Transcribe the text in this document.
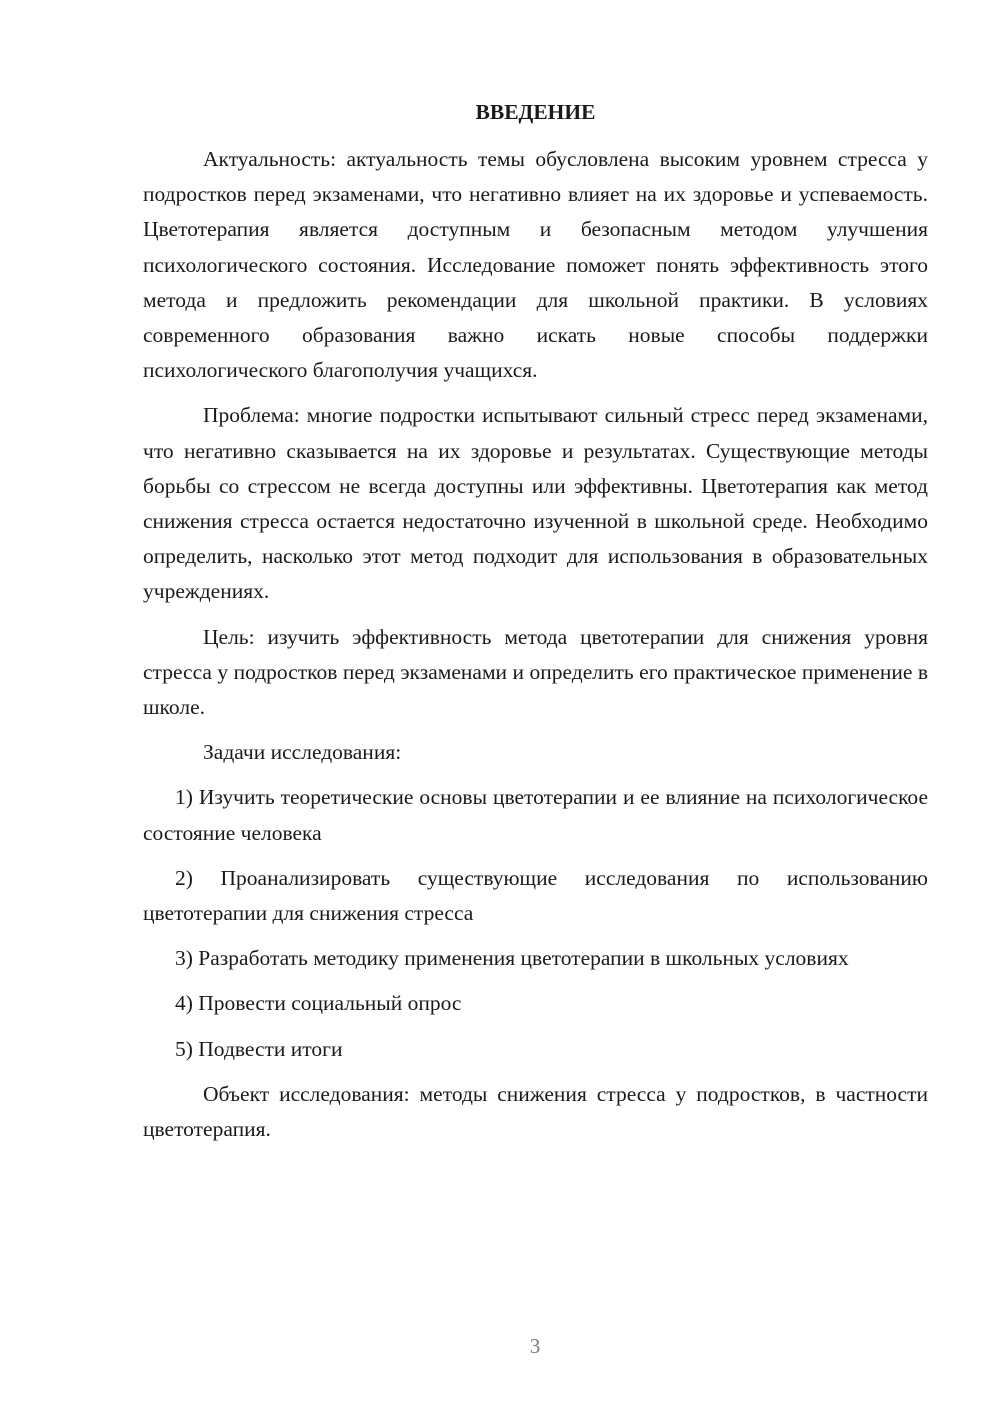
ВВЕДЕНИЕ

Актуальность: актуальность темы обусловлена высоким уровнем стресса у подростков перед экзаменами, что негативно влияет на их здоровье и успеваемость. Цветотерапия является доступным и безопасным методом улучшения психологического состояния. Исследование поможет понять эффективность этого метода и предложить рекомендации для школьной практики. В условиях современного образования важно искать новые способы поддержки психологического благополучия учащихся.

Проблема: многие подростки испытывают сильный стресс перед экзаменами, что негативно сказывается на их здоровье и результатах. Существующие методы борьбы со стрессом не всегда доступны или эффективны. Цветотерапия как метод снижения стресса остается недостаточно изученной в школьной среде. Необходимо определить, насколько этот метод подходит для использования в образовательных учреждениях.

Цель: изучить эффективность метода цветотерапии для снижения уровня стресса у подростков перед экзаменами и определить его практическое применение в школе.

Задачи исследования:

1) Изучить теоретические основы цветотерапии и ее влияние на психологическое состояние человека

2) Проанализировать существующие исследования по использованию цветотерапии для снижения стресса

3) Разработать методику применения цветотерапии в школьных условиях

4) Провести социальный опрос

5) Подвести итоги

Объект исследования: методы снижения стресса у подростков, в частности цветотерапия.

3
